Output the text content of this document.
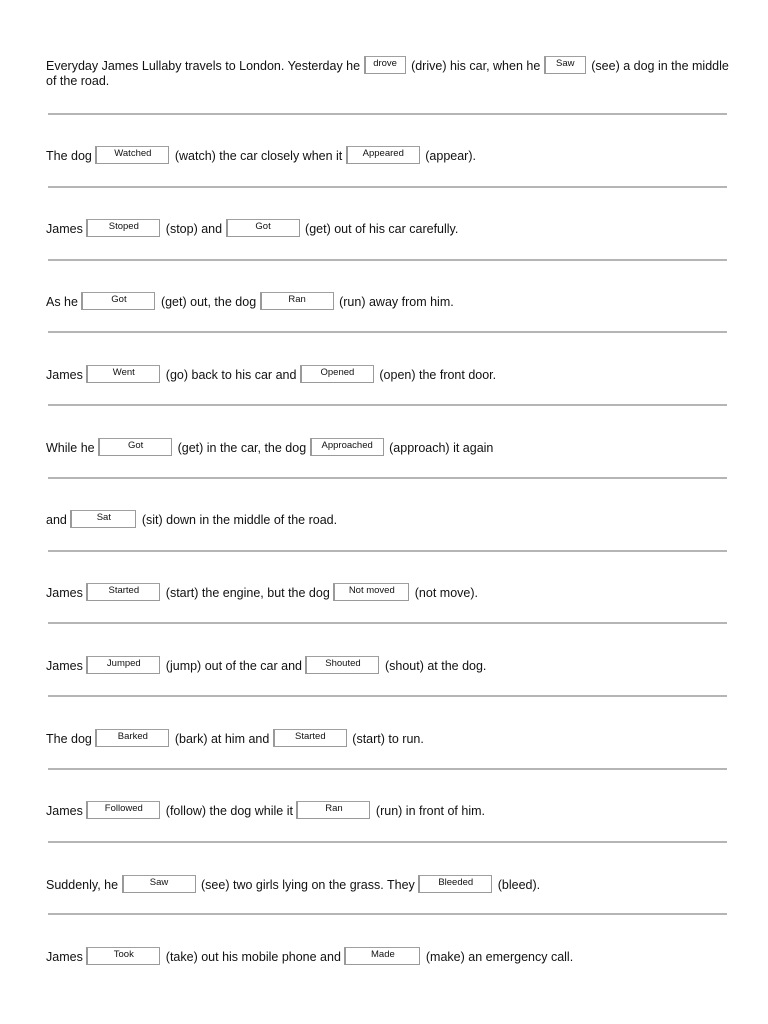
Everyday James Lullaby travels to London. Yesterday he drove (drive) his car, when he Saw (see) a dog in the middle of the road.
The dog Watched (watch) the car closely when it Appeared (appear).
James	Stoped (stop) and	Got	(get) out of his car carefully.
As he	Got	(get) out, the dog	Ran	(run) away from him.
James	Went (go) back to his car and	Opened (open) the front door.
While he	Got	(get) in the car, the dog Approached (approach) it again
and	Sat (sit) down in the middle of the road.
James	Started (start) the engine, but the dog Not moved (not move).
James	Jumped (jump) out of the car and Shouted (shout) at the dog.
The dog	Barked (bark) at him and	Started (start) to run.
James Followed (follow) the dog while it	Ran	(run) in front of him.
Suddenly, he	Saw	(see) two girls lying on the grass. They Bleeded (bleed).
James	Took	(take) out his mobile phone and	Made (make) an emergency call.
